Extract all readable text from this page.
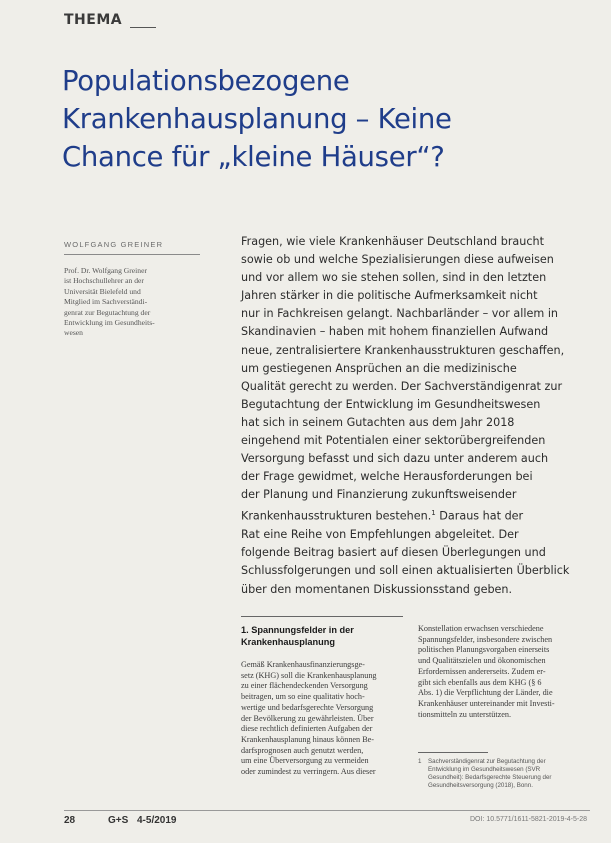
THEMA
Populationsbezogene
Krankenhausplanung – Keine
Chance für „kleine Häuser“?
WOLFGANG GREINER
Prof. Dr. Wolfgang Greiner
ist Hochschullehrer an der
Universität Bielefeld und
Mitglied im Sachverständi-
genrat zur Begutachtung der
Entwicklung im Gesundheits-
wesen
Fragen, wie viele Krankenhäuser Deutschland braucht
sowie ob und welche Spezialisierungen diese aufweisen
und vor allem wo sie stehen sollen, sind in den letzten
Jahren stärker in die politische Aufmerksamkeit nicht
nur in Fachkreisen gelangt. Nachbarländer – vor allem in
Skandinavien – haben mit hohem finanziellen Aufwand
neue, zentralisiertere Krankenhausstrukturen geschaffen,
um gestiegenen Ansprüchen an die medizinische
Qualität gerecht zu werden. Der Sachverständigenrat zur
Begutachtung der Entwicklung im Gesundheitswesen
hat sich in seinem Gutachten aus dem Jahr 2018
eingehend mit Potentialen einer sektorübergreifenden
Versorgung befasst und sich dazu unter anderem auch
der Frage gewidmet, welche Herausforderungen bei
der Planung und Finanzierung zukunftsweisender
Krankenhausstrukturen bestehen.$^1$ Daraus hat der
Rat eine Reihe von Empfehlungen abgeleitet. Der
folgende Beitrag basiert auf diesen Überlegungen und
Schlussfolgerungen und soll einen aktualisierten Überblick
über den momentanen Diskussionsstand geben.
1. Spannungsfelder in der
Krankenhausplanung
Gemäß Krankenhausfinanzierungsge-
setz (KHG) soll die Krankenhausplanung
zu einer flächendeckenden Versorgung
beitragen, um so eine qualitativ hoch-
wertige und bedarfsgerechte Versorgung
der Bevölkerung zu gewährleisten. Über
diese rechtlich definierten Aufgaben der
Krankenhausplanung hinaus können Be-
darfsprognosen auch genutzt werden,
um eine Überversorgung zu vermeiden
oder zumindest zu verringern. Aus dieser
Konstellation erwachsen verschiedene
Spannungsfelder, insbesondere zwischen
politischen Planungsvorgaben einerseits
und Qualitätszielen und ökonomischen
Erfordernissen andererseits. Zudem er-
gibt sich ebenfalls aus dem KHG (§ 6
Abs. 1) die Verpflichtung der Länder, die
Krankenhäuser untereinander mit Investi-
tionsmitteln zu unterstützen.
1 Sachverständigenrat zur Begutachtung der
Entwicklung im Gesundheitswesen (SVR
Gesundheit): Bedarfsgerechte Steuerung der
Gesundheitsversorgung (2018), Bonn.
28	G+S 4-5/2019	DOI: 10.5771/1611-5821-2019-4-5-28
